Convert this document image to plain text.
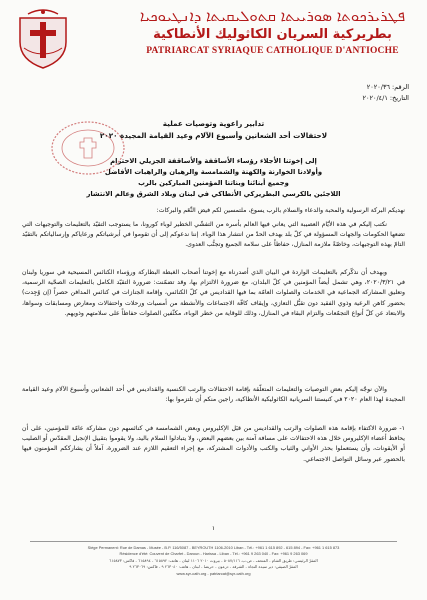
ܦܛܪܝܪܟܘܬܐ ܣܘܪܝܝܬܐ ܩܬܘܠܝܩܝܬܐ ܕܐܢܛܝܘܟܝܐ
بطريركية السريان الكاثوليك الأنطاكية
PATRIARCAT SYRIAQUE CATHOLIQUE D'ANTIOCHE
الرقم: ٢٠٢٠/٣٦
التاريخ: ٢٠٢٠/٤/١
تدابير راعوية وتوصيات عملية
لاحتفالات أحد الشعانين وأسبوع الآلام وعيد القيامة المجيدة ٢٠٢٠
إلى إخوتنا الأجلاء رؤساء الأساقفة والأساقفة الجزيلي الاحترام
وأولادنا الخوارنة والكهنة والشمامسة والرهبان والراهبات الأفاضل
وجميع أبنائنا وبناتنا المؤمنين المباركين بالرب
اللاجئين بالكرسي البطريركي الأنطاكي في لبنان وبلاد الشرق وعالم الانتشار
نهديكم البركة الرسولية والمحبة والدعاء والسلام بالرب يسوع، ملتمسين لكم فيض النِّعَم والبركات:
نكتب إليكم في هذه الأيّام العصيبة التي يعاني فيها العالم بأسره من التفشّي الخطير لوباء كورونا، ما يستوجب التقيّد بالتعليمات والتوجيهات التي تضعها الحكومات والجهات المسؤولة في كلّ بلد بهدف الحدّ من انتشار هذا الوباء. إننا ندعوكم إلى أن تقوموا في أبرشياتكم ورعاياكم وإرسالياتكم بالتقيّد التامّ بهذه التوجيهات، وخاصّةً ملازمة المنازل، حفاظاً على سلامة الجميع وتجنُّب العدوى.
وبهدف أن نذكّركم بالتعليمات الواردة في البيان الذي أصدرناه مع إخوتنا أصحاب الغبطة البطاركة ورؤساء الكنائس المسيحية في سوريا ولبنان في ٢٠٢٠/٣/٢١، وهي تشمل أيضاً المؤمنين في كلّ البلدان، مع ضرورة الالتزام بها، وقد تضمّنت: ضرورة التقيّد الكامل بالتعليمات الصحّية الرسمية، وتعليق المشاركة الجماعية في الخدمات والصلوات العامّة بما فيها القداديس في كلّ الكنائس، وإقامة الجنازات في كنائس المدافن حصراً (إن وُجِدت) بحضور كاهن الرعية وذوي الفقيد دون تقبُّل التعازي، وإيقاف كافّة الاجتماعات والأنشطة من أمسيات ورحلات واحتفالات ومعارض ومسابقات وسواها، والابتعاد عن كلّ أنواع التجمّعات والتزام البقاء في المنازل، وذلك للوقاية من خطر الوباء، مكثّفين الصلوات حفاظاً على سلامتهم وذويهم.
والآن نوجّه إليكم بعض التوصيات والتعليمات المتعلّقة بإقامة الاحتفالات والرتب الكنسية والقداديس في أحد الشعانين وأسبوع الآلام وعيد القيامة المجيدة لهذا العام ٢٠٢٠ في كنيستنا السريانية الكاثوليكية الأنطاكية، راجين منكم أن تلتزموا بها:
١- ضرورة الاكتفاء بإقامة هذه الصلوات والرتب والقداديس من قبَل الإكليروس وبعض الشمامسة في كنائسهم دون مشاركة عامّة للمؤمنين، على أن يحافظ أعضاء الإكليروس خلال هذه الاحتفالات على مسافة آمنة بين بعضهم البعض، ولا يتبادلوا السلام باليد، ولا يقوموا بتقبيل الإنجيل المقدّس أو الصليب أو الأيقونات، وأن يستعملوا بحذر الأواني والثياب والكتب والأدوات المشتركة، مع إجراء التعقيم اللازم عند الضرورة، آملاً أن يشارككم المؤمنون فيها بالحضور عبر وسائل التواصل الاجتماعي.
١
Siège Permanent: Rue de Damas - Musée - B.P. 116/5087 - BEYROUTH 1106-2010 Liban - Tél.: +961 1 615 892 - 615 894 - Fax: +961 1 615 873
Résidence d'été: Couvent de Charfet - Daroun - Harissa - Liban - Tél.: +961 9 263 040 - Fax: +961 9 263 069
المقرّ الرئيسي: طريق الشام - المتحف - ص.ب. ٥٠٨٧/١١٦ - بيروت ٢٠١٠ ١١٠٦ لبنان - هاتف: ٦١٥٨٩٢ - ٦١٥٨٩٤ - فاكس: ٦١٥٨٧٣
المقرّ الصيفي: دير سيدة النجاة - الشرفة - درعون - حريصا - لبنان - هاتف: ٢٦٣٠٤٠ ٩ - فاكس: ٢٦٣٠٦٩ ٩
www.syr-cath.org - patriarcat@syr-cath.org
